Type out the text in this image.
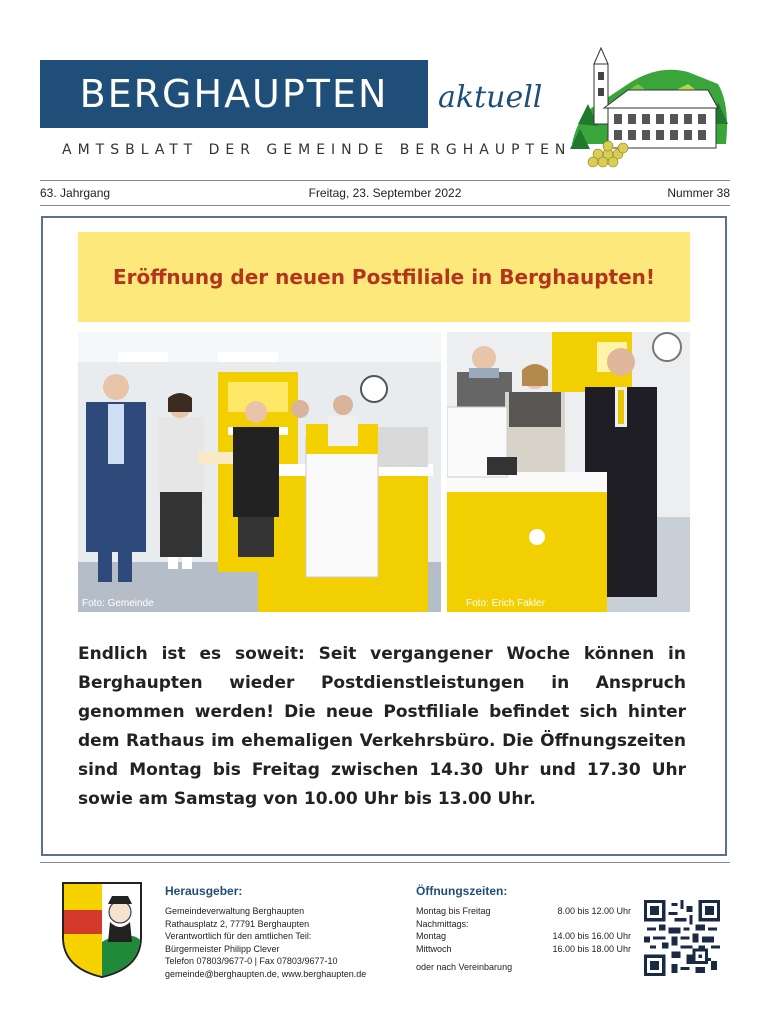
BERGHAUPTEN	aktuell
AMTSBLATT DER GEMEINDE BERGHAUPTEN
63. Jahrgang	Freitag, 23. September 2022	Nummer 38
Eröffnung der neuen Postfiliale in Berghaupten!
Foto: Gemeinde	Foto: Erich Fakler
Endlich ist es soweit: Seit vergangener Woche können in Berghaupten wieder Postdienstleistungen in Anspruch genommen werden! Die neue Postfiliale befindet sich hinter dem Rathaus im ehemaligen Verkehrsbüro. Die Öffnungszeiten sind Montag bis Freitag zwischen 14.30 Uhr und 17.30 Uhr sowie am Samstag von 10.00 Uhr bis 13.00 Uhr.
Herausgeber:
Gemeindeverwaltung Berghaupten
Rathausplatz 2, 77791 Berghaupten
Verantwortlich für den amtlichen Teil:
Bürgermeister Philipp Clever
Telefon 07803/9677-0 | Fax 07803/9677-10
gemeinde@berghaupten.de, www.berghaupten.de
Öffnungszeiten:
Montag bis Freitag	8.00 bis 12.00 Uhr
Nachmittags:
Montag	14.00 bis 16.00 Uhr
Mittwoch	16.00 bis 18.00 Uhr
oder nach Vereinbarung
